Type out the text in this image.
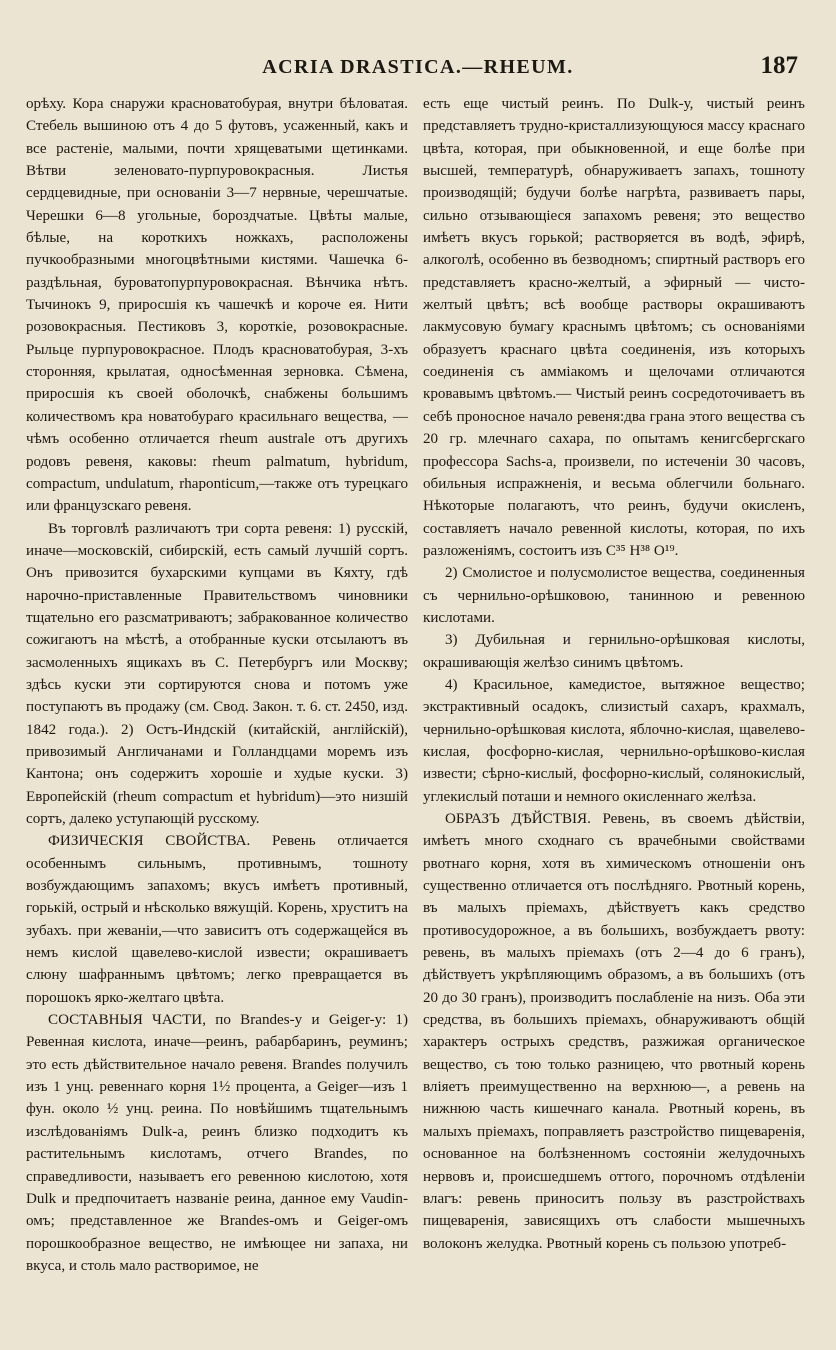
ACRIA DRASTICA.—RHEUM.	187

орѣху. Кора снаружи красноватобурая, внутри бѣловатая. Стебель вышиною отъ 4 до 5 футовъ, усаженный, какъ и все растеніе, малыми, почти хрящеватыми щетинками. Вѣтви зеленовато-пурпуровокрасныя. Листья сердцевидные, при основаніи 3—7 нервные, черешчатые. Черешки 6—8 угольные, бороздчатые. Цвѣты малые, бѣлые, на короткихъ ножкахъ, расположены пучкообразными многоцвѣтными кистями. Чашечка 6-раздѣльная, буроватопурпуровокрасная. Вѣнчика нѣтъ. Тычинокъ 9, приросшія къ чашечкѣ и короче ея. Нити розовокрасныя. Пестиковъ 3, короткіе, розовокрасные. Рыльце пурпуровокрасное. Плодъ красноватобурая, 3-хъ сторонняя, крылатая, односѣменная зерновка. Сѣмена, приросшія къ своей оболочкѣ, снабжены большимъ количествомъ кра новатобураго красильнаго вещества, — чѣмъ особенно отличается rheum australe отъ другихъ родовъ ревеня, каковы: rheum palmatum, hybridum, compactum, undulatum, rhaponticum,—также отъ турецкаго или французскаго ревеня.

Въ торговлѣ различаютъ три сорта ревеня: 1) русскій, иначе—московскій, сибирскій, есть самый лучшій сортъ. Онъ привозится бухарскими купцами въ Кяхту, гдѣ нарочно-приставленные Правительствомъ чиновники тщательно его разсматриваютъ; забракованное количество сожигаютъ на мѣстѣ, а отобранные куски отсылаютъ въ засмоленныхъ ящикахъ въ С. Петербургъ или Москву; здѣсь куски эти сортируются снова и потомъ уже поступаютъ въ продажу (см. Свод. Закон. т. 6. ст. 2450, изд. 1842 года.). 2) Остъ-Индскій (китайскій, англійскій), привозимый Англичанами и Голландцами моремъ изъ Кантона; онъ содержитъ хорошіе и худые куски. 3) Европейскій (rheum compactum et hybridum)—это низшій сортъ, далеко уступающій русскому.

ФИЗИЧЕСКІЯ СВОЙСТВА. Ревень отличается особеннымъ сильнымъ, противнымъ, тошноту возбуждающимъ запахомъ; вкусъ имѣетъ противный, горькій, острый и нѣсколько вяжущій. Корень, хруститъ на зубахъ. при жеваніи,—что зависитъ отъ содержащейся въ немъ кислой щавелево-кислой извести; окрашиваетъ слюну шафраннымъ цвѣтомъ; легко превращается въ порошокъ ярко-желтаго цвѣта.

СОСТАВНЫЯ ЧАСТИ, по Brandes-у и Geiger-у: 1) Ревенная кислота, иначе—реинъ, рабарбаринъ, реуминъ; это есть дѣйствительное начало ревеня. Brandes получилъ изъ 1 унц. ревеннаго корня 1½ процента, а Geiger—изъ 1 фун. около ½ унц. реина. По новѣйшимъ тщательнымъ изслѣдованіямъ Dulk-а, реинъ близко подходитъ къ растительнымъ кислотамъ, отчего Brandes, по справедливости, называетъ его ревенною кислотою, хотя Dulk и предпочитаетъ названіе реина, данное ему Vaudin-омъ; представленное же Brandes-омъ и Geiger-омъ порошкообразное вещество, не имѣющее ни запаха, ни вкуса, и столь мало растворимое, не

есть еще чистый реинъ. По Dulk-у, чистый реинъ представляетъ трудно-кристаллизующуюся массу краснаго цвѣта, которая, при обыкновенной, и еще болѣе при высшей, температурѣ, обнаруживаетъ запахъ, тошноту производящій; будучи болѣе нагрѣта, развиваетъ пары, сильно отзывающіеся запахомъ ревеня; это вещество имѣетъ вкусъ горькой; растворяется въ водѣ, эфирѣ, алкоголѣ, особенно въ безводномъ; спиртный растворъ его представляетъ красно-желтый, а эфирный — чисто-желтый цвѣтъ; всѣ вообще растворы окрашиваютъ лакмусовую бумагу краснымъ цвѣтомъ; съ основаніями образуетъ краснаго цвѣта соединенія, изъ которыхъ соединенія съ аммiакомъ и щелочами отличаются кровавымъ цвѣтомъ.— Чистый реинъ сосредоточиваетъ въ себѣ проносное начало ревеня:два грана этого вещества съ 20 гр. млечнаго сахара, по опытамъ кенигсбергскаго профессора Sachs-а, произвели, по истеченіи 30 часовъ, обильныя испражненія, и весьма облегчили больнаго. Нѣкоторые полагаютъ, что реинъ, будучи окисленъ, составляетъ начало ревенной кислоты, которая, по ихъ разложеніямъ, состоитъ изъ C³⁵ H³⁸ O¹⁹.

2) Смолистое и полусмолистое вещества, соединенныя съ чернильно-орѣшковою, танинною и ревенною кислотами.

3) Дубильная и гернильно-орѣшковая кислоты, окрашивающія желѣзо синимъ цвѣтомъ.

4) Красильное, камедистое, вытяжное вещество; экстрактивный осадокъ, слизистый сахаръ, крахмалъ, чернильно-орѣшковая кислота, яблочно-кислая, щавелево-кислая, фосфорно-кислая, чернильно-орѣшково-кислая извести; сѣрно-кислый, фосфорно-кислый, солянокислый, углекислый поташи и немного окисленнаго желѣза.

ОБРАЗЪ ДѢЙСТВІЯ. Ревень, въ своемъ дѣйствіи, имѣетъ много сходнаго съ врачебными свойствами рвотнаго корня, хотя въ химическомъ отношеніи онъ существенно отличается отъ послѣдняго. Рвотный корень, въ малыхъ пріемахъ, дѣйствуетъ какъ средство противосудорожное, а въ большихъ, возбуждаетъ рвоту: ревень, въ малыхъ пріемахъ (отъ 2—4 до 6 гранъ), дѣйствуетъ укрѣпляющимъ образомъ, а въ большихъ (отъ 20 до 30 гранъ), производитъ послабленіе на низъ. Оба эти средства, въ большихъ пріемахъ, обнаруживаютъ общій характеръ острыхъ средствъ, разжижая органическое вещество, съ тою только разницею, что рвотный корень вліяетъ преимущественно на верхнюю—, а ревень на нижнюю часть кишечнаго канала. Рвотный корень, въ малыхъ пріемахъ, поправляетъ разстройство пищеваренія, основанное на болѣзненномъ состояніи желудочныхъ нервовъ и, происшедшемъ оттого, порочномъ отдѣленіи влагъ: ревень приноситъ пользу въ разстройствахъ пищеваренія, зависящихъ отъ слабости мышечныхъ волоконъ желудка. Рвотный корень съ пользою употреб-
